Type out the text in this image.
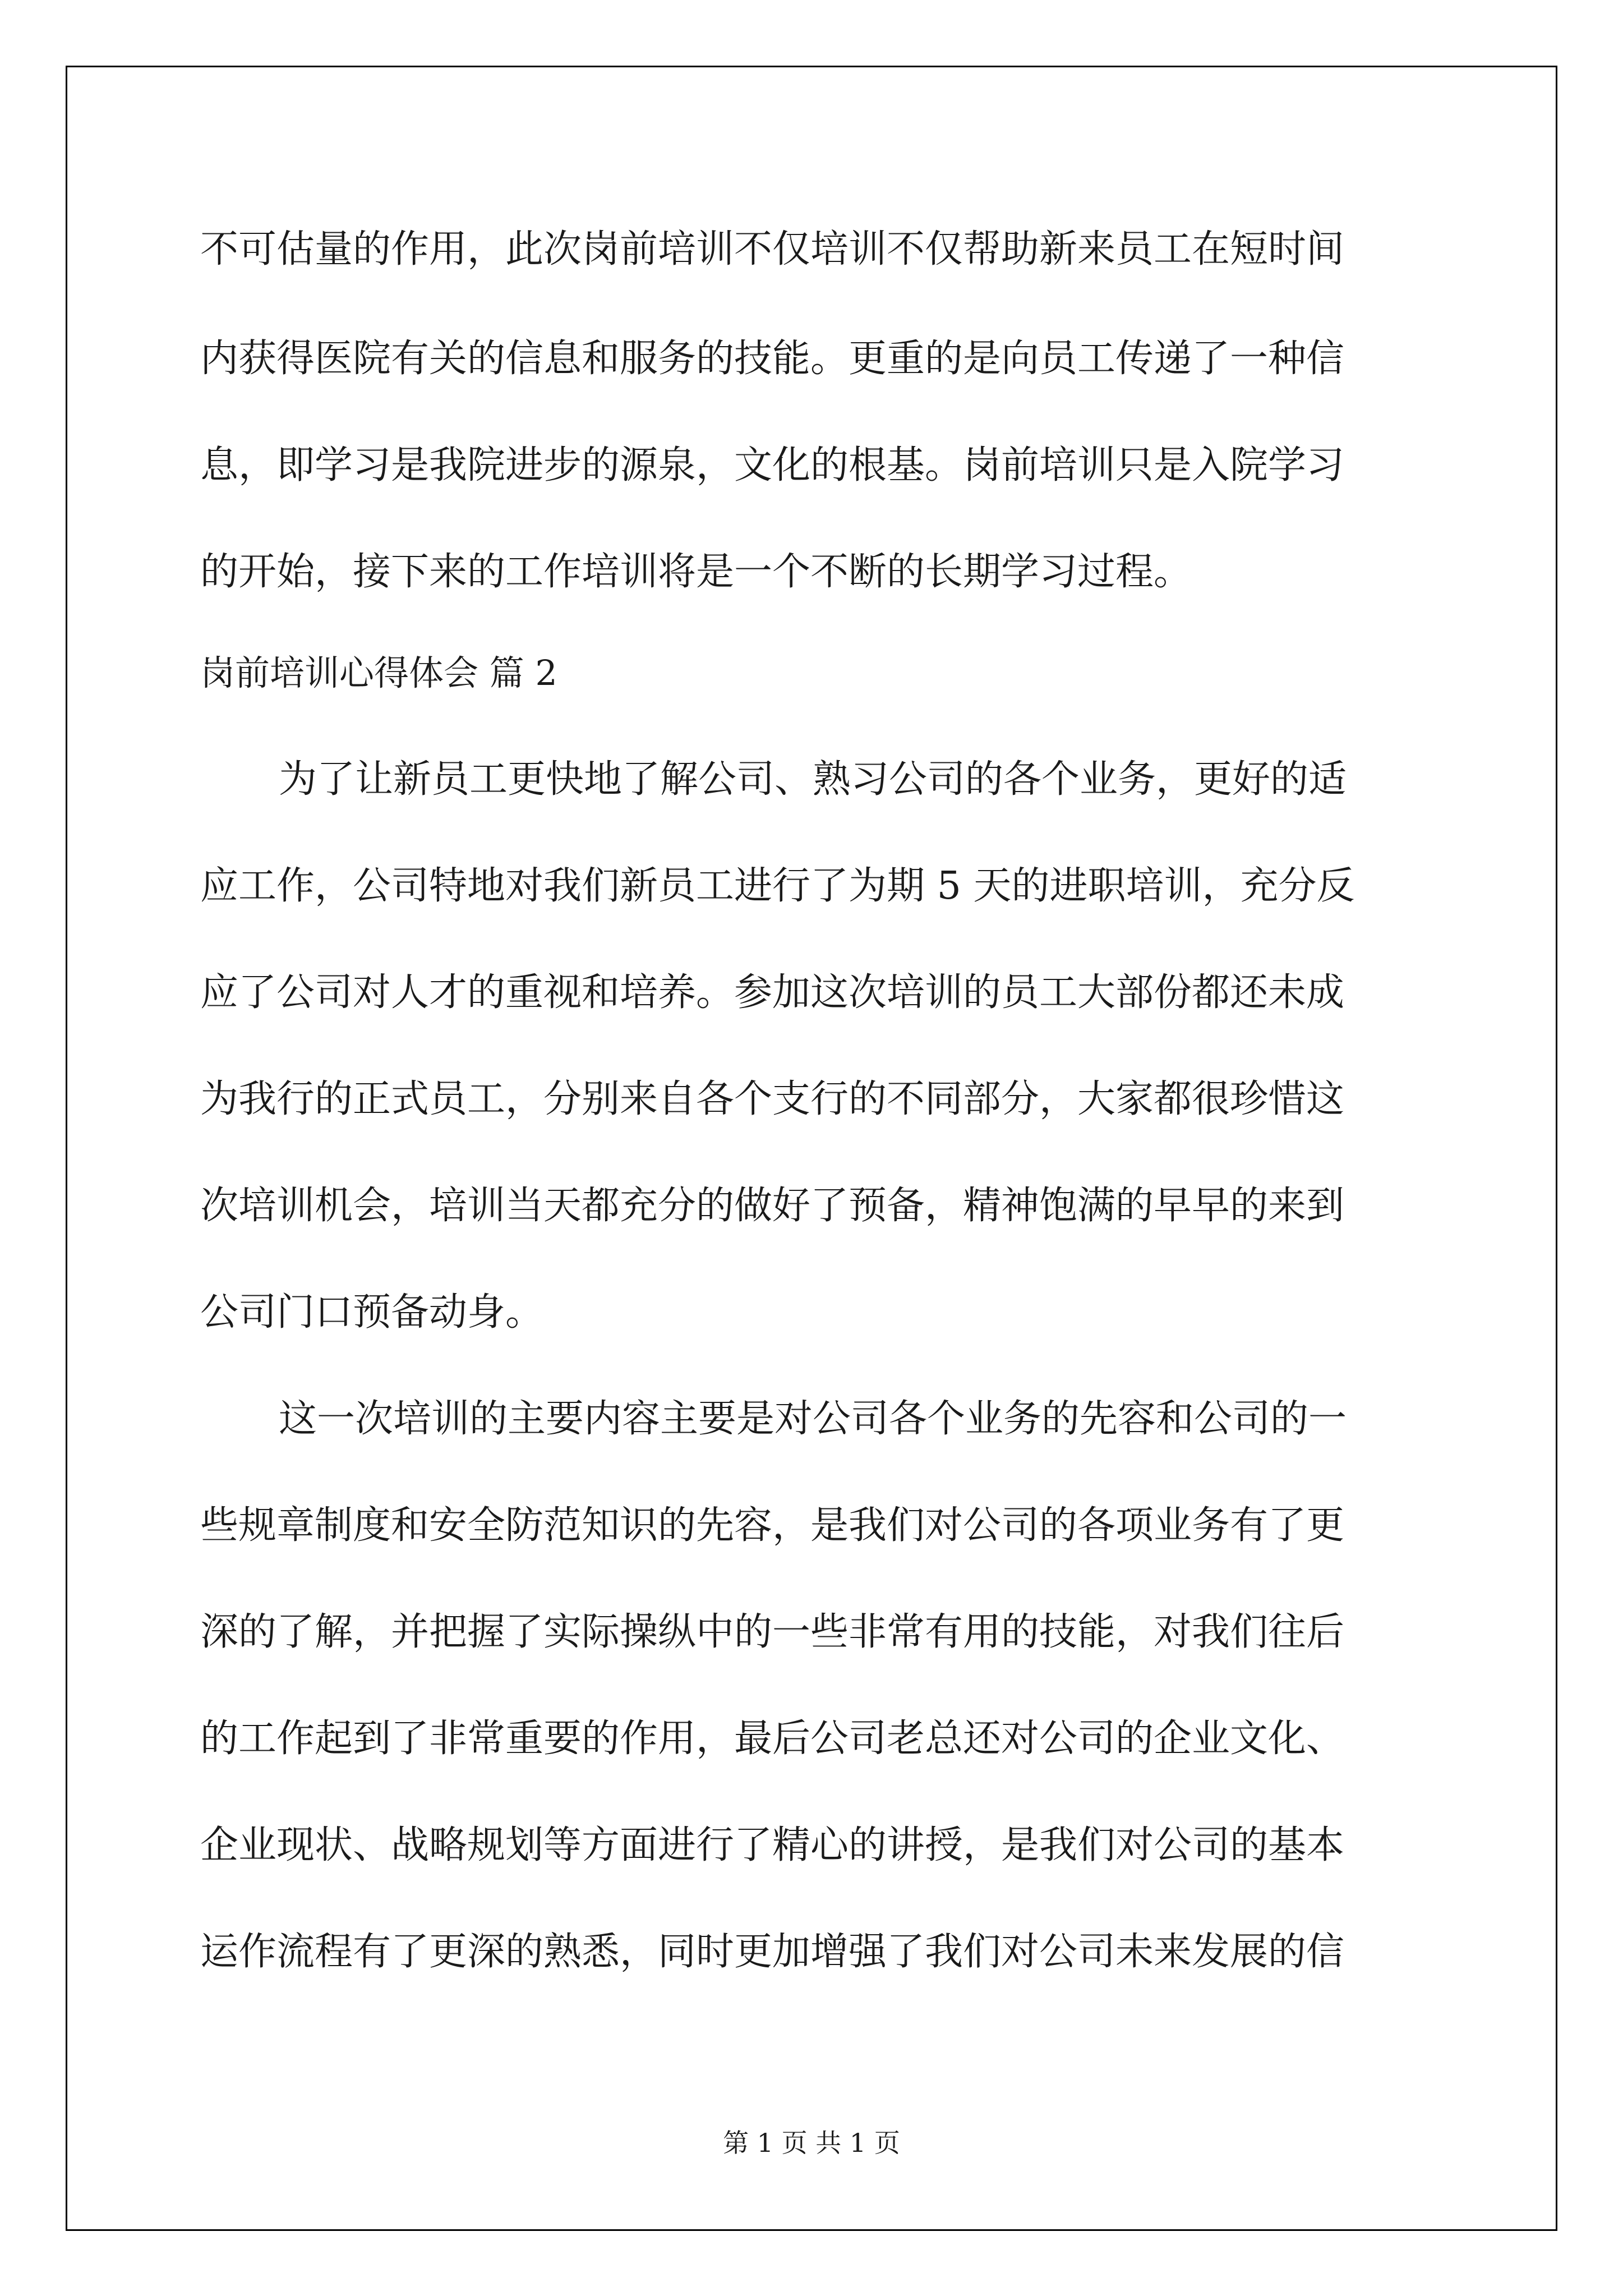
不可估量的作用，此次岗前培训不仅培训不仅帮助新来员工在短时间
内获得医院有关的信息和服务的技能。更重的是向员工传递了一种信
息，即学习是我院进步的源泉，文化的根基。岗前培训只是入院学习
的开始，接下来的工作培训将是一个不断的长期学习过程。
岗前培训心得体会 篇 2
为了让新员工更快地了解公司、熟习公司的各个业务，更好的适
应工作，公司特地对我们新员工进行了为期 5 天的进职培训，充分反
应了公司对人才的重视和培养。参加这次培训的员工大部份都还未成
为我行的正式员工，分别来自各个支行的不同部分，大家都很珍惜这
次培训机会，培训当天都充分的做好了预备，精神饱满的早早的来到
公司门口预备动身。
这一次培训的主要内容主要是对公司各个业务的先容和公司的一
些规章制度和安全防范知识的先容，是我们对公司的各项业务有了更
深的了解，并把握了实际操纵中的一些非常有用的技能，对我们往后
的工作起到了非常重要的作用，最后公司老总还对公司的企业文化、
企业现状、战略规划等方面进行了精心的讲授，是我们对公司的基本
运作流程有了更深的熟悉，同时更加增强了我们对公司未来发展的信
第 1 页 共 1 页
